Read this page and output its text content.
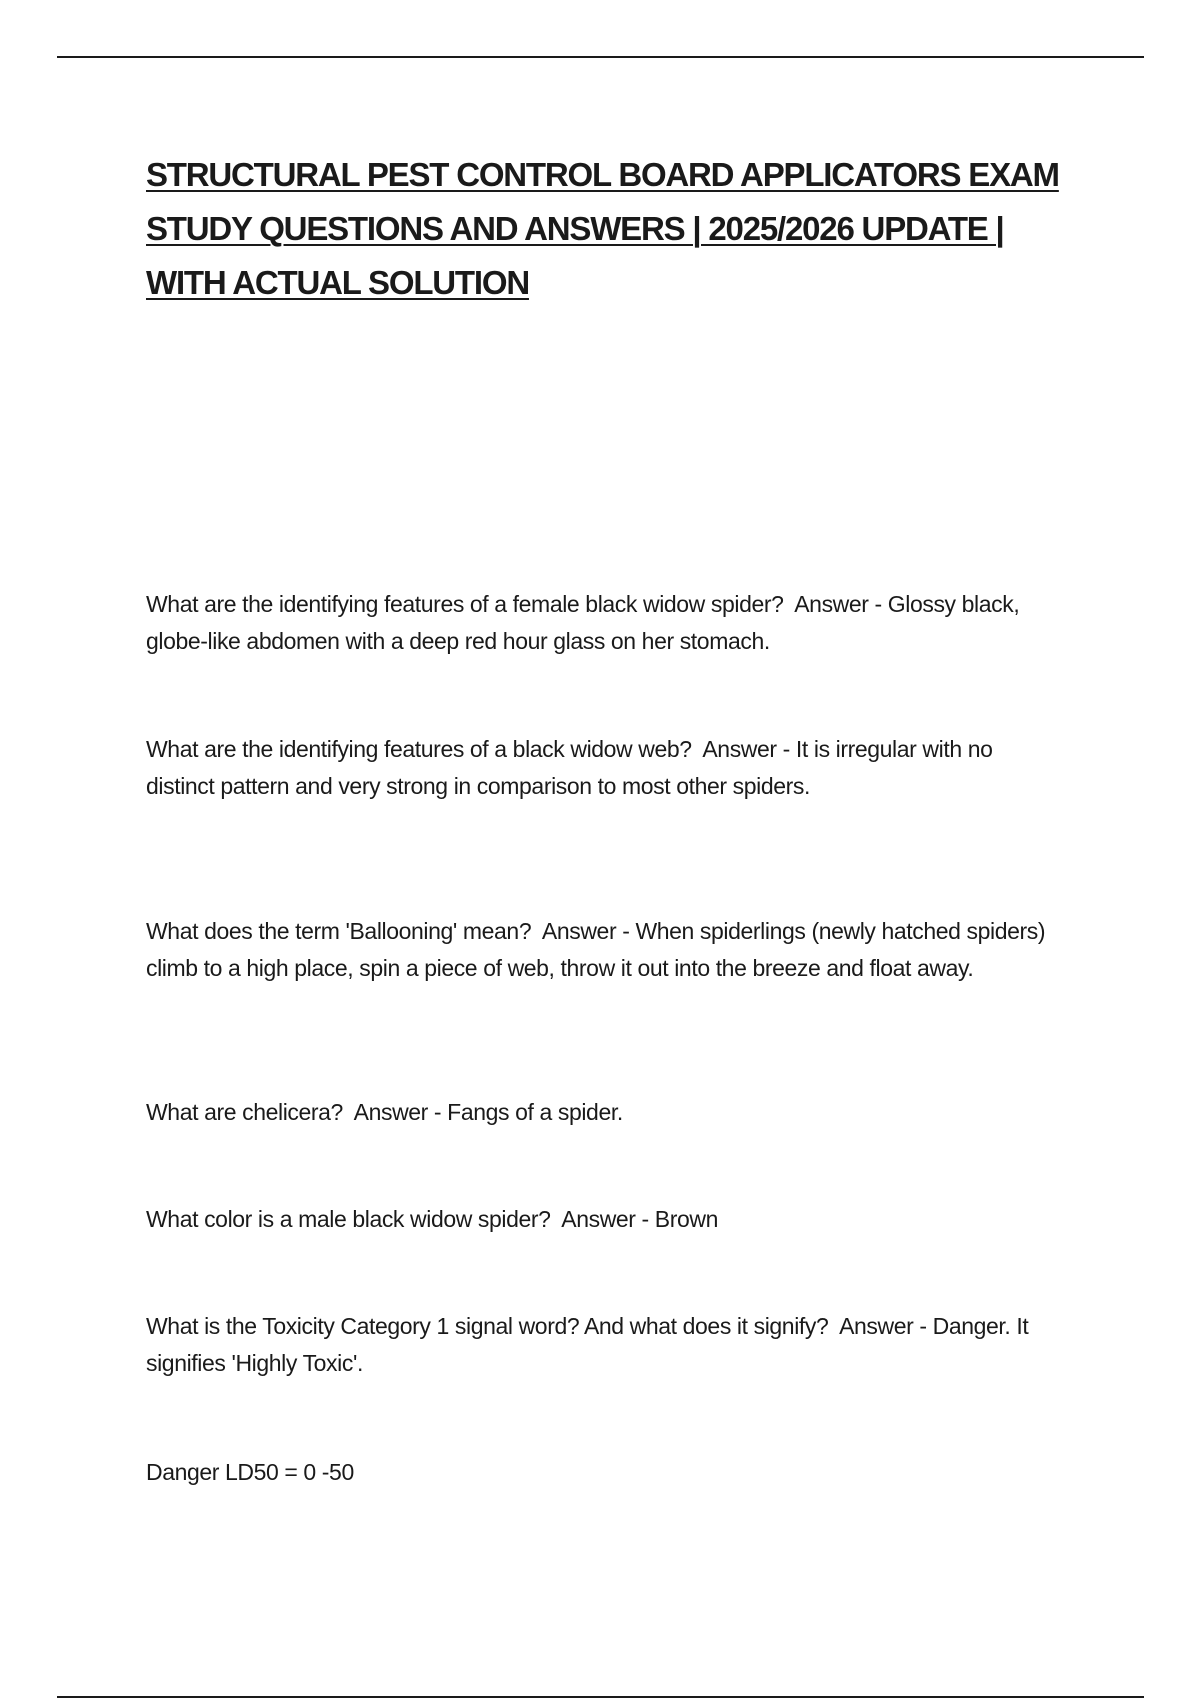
STRUCTURAL PEST CONTROL BOARD APPLICATORS EXAM STUDY QUESTIONS AND ANSWERS | 2025/2026 UPDATE | WITH ACTUAL SOLUTION

What are the identifying features of a female black widow spider?  Answer - Glossy black, globe-like abdomen with a deep red hour glass on her stomach.

What are the identifying features of a black widow web?  Answer - It is irregular with no distinct pattern and very strong in comparison to most other spiders.

What does the term 'Ballooning' mean?  Answer - When spiderlings (newly hatched spiders) climb to a high place, spin a piece of web, throw it out into the breeze and float away.

What are chelicera?  Answer - Fangs of a spider.

What color is a male black widow spider?  Answer - Brown

What is the Toxicity Category 1 signal word? And what does it signify?  Answer - Danger. It signifies 'Highly Toxic'.

Danger LD50 = 0 -50
